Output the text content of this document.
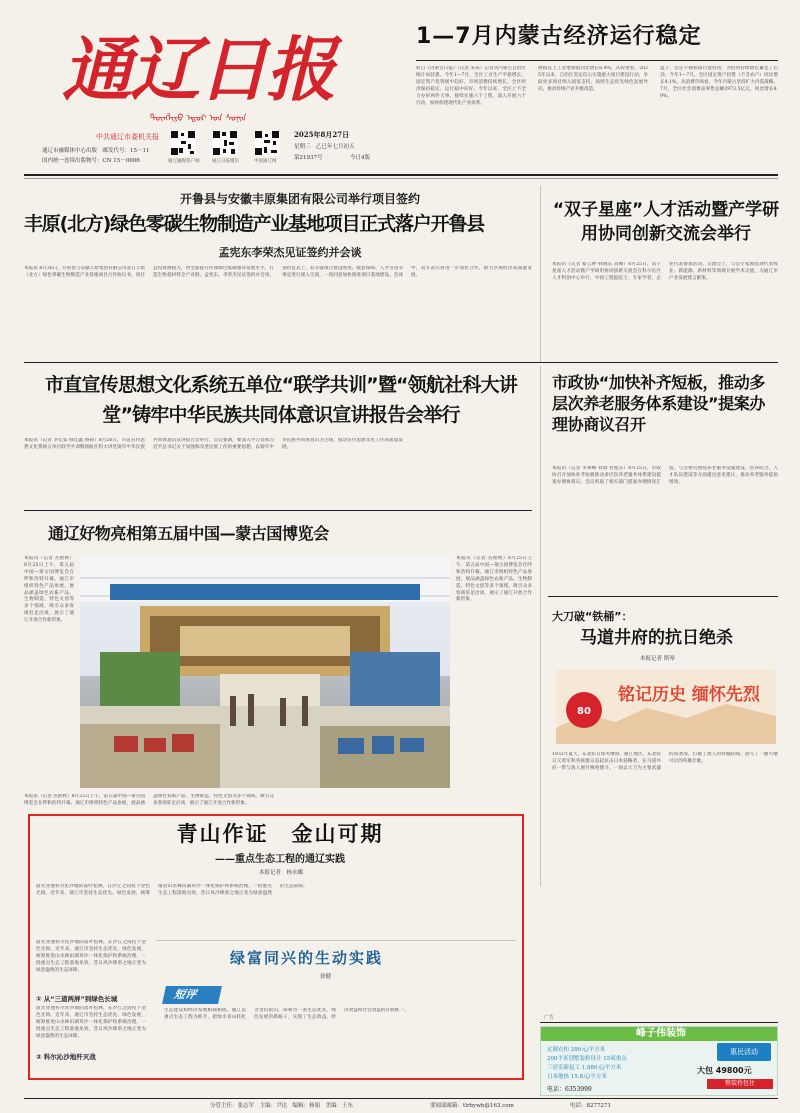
通辽日报
ᠲᠦᠩᠯᠢᠶᠣ ᠡᠳᠦᠷ ᠤᠨ ᠰᠣᠨᠢᠨ
中共通辽市委机关报
通辽市融媒体中心出版　邮发代号：15－11
国内统一连续出版物号：CN 15－0006	通辽融媒客户端	通辽日报微信	中国通辽网
2025年8月27日
星期三　乙巳年七月初五
第21937号	今日4版
1—7月内蒙古经济运行稳定
转自《内蒙古日报》（记者 朱泉）记者从内蒙古自治区统计局获悉，今年1—7月，全区工业生产平稳增长，固定资产投资缓中趋好，市场消费持续增长，全区经济保持稳定、运行稳中向好。今年以来，全区上下全力办好两件大事，接续实施六个工程，深入开展六个行动，加快构建现代化产业体系。
规模以上工业增加值同比增长6.4%，从投资看，2025年以来，自治区坚定信心实施重大项目建设行动，争取更多项目纳入国家支持，按照生态优先绿色发展导向，推动传统产业升级改造。
盘子，坚定不移抓项目促投资，为投资持续增长蓄足了后劲。今年1—7月，全区固定资产投资（不含农户）同比增长4.1%。从消费市场看，今年内蒙古坚持扩大内需战略。7月，全区社会消费品零售总额2973.5亿元，同比增长8.9%。
开鲁县与安徽丰原集团有限公司举行项目签约
丰原(北方)绿色零碳生物制造产业基地项目正式落户开鲁县
孟宪东李荣杰见证签约并会谈
本报讯 8月26日，开鲁县与安徽丰原集团有限公司签订丰原（北方）绿色零碳生物制造产业基地项目合作协议书，项目总投资规模大，将全面提升区域绿色低碳循环发展水平，打造生物基材料全产业链。孟宪东、李荣杰见证签约并会谈。签约仪式上，双方就项目建设进度、配套保障、人才引进等事宜进行深入交流，一致同意加快推进项目落地建设。会谈中，双方表示将进一步深化合作，助力区域经济高质量发展。
“双子星座”人才活动暨产学研用协同创新交流会举行
本报讯（记者 蔡云婷 韩晓东 高峰）8月25日，双子星座人才活动暨产学研用协同创新交流会在科尔沁区人才科创中心举行。中国工程院院士、专家学者、企业代表参加活动。交流会上，与会专家围绕现代农牧业、新能源、新材料等领域开展学术交流，为通辽市产业发展建言献策。
市直宣传思想文化系统五单位“联学共训”暨“领航社科大讲堂”铸牢中华民族共同体意识宣讲报告会举行
本报讯（记者 李宏茹 韩佳鑫 杨硕）8月26日，市直宣传思想文化系统五单位联学共训暨领航社科大讲堂铸牢中华民族共同体意识宣讲报告会举行。会议强调，要深入学习贯彻习近平总书记关于加强和改进民族工作的重要思想，以铸牢中华民族共同体意识为主线，推动宣传思想文化工作高质量发展。
市政协“加快补齐短板，推动多层次养老服务体系建设”提案办理协商议召开
本报讯（记者 李翠峰 祥瑞 杜旭东）8月25日，市政协召开加快补齐短板推动多层次养老服务体系建设提案办理协商议。会议听取了相关部门提案办理情况汇报，与会委员围绕养老服务设施建设、医养结合、人才队伍建设等方面提出意见建议，推动养老服务提质增效。
通辽好物亮相第五届中国—蒙古国博览会
本报讯（记者 丛艳秋）8月25日上午，第五届中国—蒙古国博览会在呼和浩特开幕。通辽市组织特色产品参展，展品涵盖绿色农畜产品、生物制造、特色文创等多个领域，吸引众多客商驻足洽谈，展示了通辽开放合作新形象。
本报讯（记者 丛艳秋）8月25日上午，第五届中国—蒙古国博览会在呼和浩特开幕。通辽市组织特色产品参展，展品涵盖绿色农畜产品、生物制造、特色文创等多个领域，吸引众多客商驻足洽谈，展示了通辽开放合作新形象。
本报讯（记者 丛艳秋）8月25日上午，第五届中国—蒙古国博览会在呼和浩特开幕。通辽市组织特色产品参展，展品涵盖绿色农畜产品、生物制造、特色文创等多个领域，吸引众多客商驻足洽谈，展示了通辽开放合作新形象。
大刀破“铁桶”：
马道井府的抗日绝杀
本报记者 斯琴
80
铭记历史 缅怀先烈
1932年夏天，东北抗日烽火燎原。通辽地区，东北抗日义勇军和各族群众奋起抗击日本侵略者，在马道井府一带与敌人展开殊死搏斗。一场以大刀为主要武器的夜袭战，打破了敌人的铁桶防线，谱写了一曲可歌可泣的英雄壮歌。
青山作证　金山可期
——重点生态工程的通辽实践
本报记者　杨永娜
晨光穿透科尔沁沙地的落叶松林，在沙丘之间投下金色光斑。近年来，通辽市坚持生态优先、绿色发展，统筹推进山水林田湖草沙一体化保护和系统治理，一批重点生态工程落地见效，昔日风沙肆虐之地正变为绿意盎然的生态屏障。
① 从“三道两屏”到绿色长城
② 科尔沁沙地歼灭战
晨光穿透科尔沁沙地的落叶松林，在沙丘之间投下金色光斑。近年来，通辽市坚持生态优先、绿色发展，统筹推进山水林田湖草沙一体化保护和系统治理，一批重点生态工程落地见效，昔日风沙肆虐之地正变为绿意盎然的生态屏障。
晨光穿透科尔沁沙地的落叶松林，在沙丘之间投下金色光斑。近年来，通辽市坚持生态优先、绿色发展，统筹推进山水林田湖草沙一体化保护和系统治理，一批重点生态工程落地见效，昔日风沙肆虐之地正变为绿意盎然的生态屏障。
绿富同兴的生动实践
徐健
短评
生态建设和经济发展相辅相成。通辽以重点生态工程为抓手，把绿水青山转化为金山银山，探索出一条生态优先、绿色发展的新路子，实现了生态效益、经济效益和社会效益的有机统一。
广告
峰子伟装饰
定制衣柜 299元/平方米
200平米别墅装修设计 15项重点
三居室新起工 1,880元/平方米
日本地热 15.8元/平方米
惠民活动
大包 49800元
整装拎包住
电话：6353999
分管主任：张志军　主编：尹达　编辑：杨娟　美编：王东	要闻部邮箱：tlrbywb@163.com	电话：8277271
